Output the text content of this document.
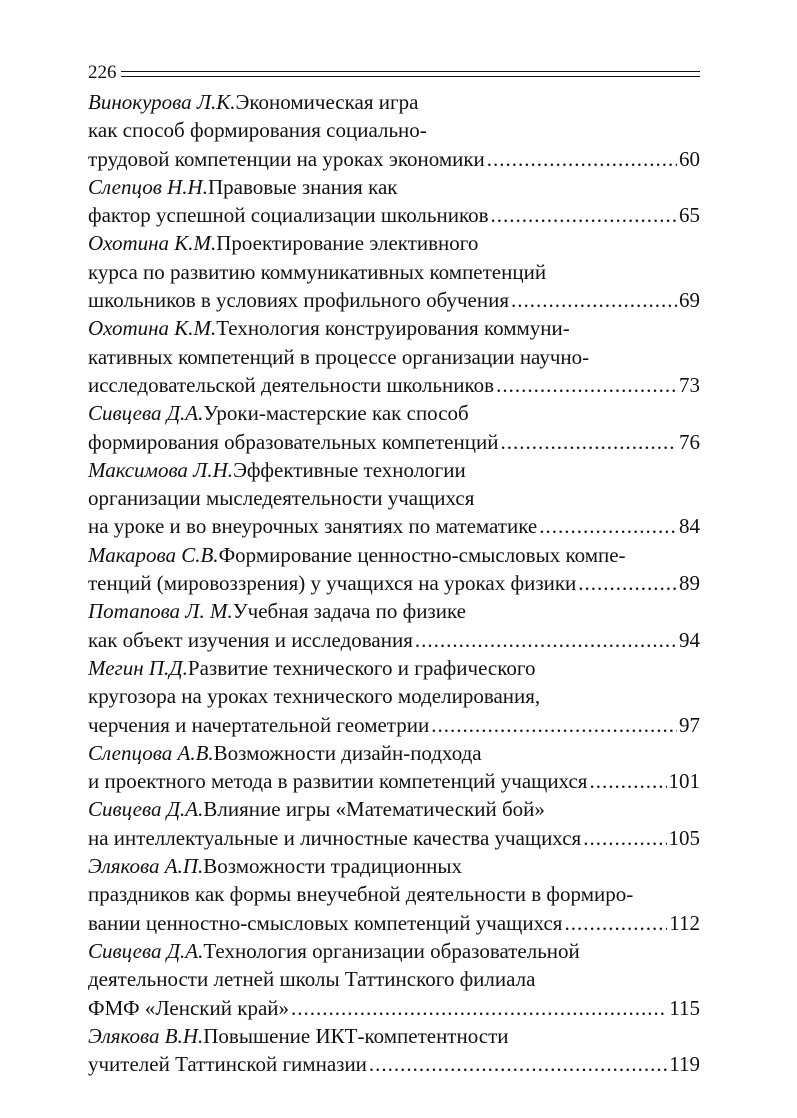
226
Винокурова Л.К. Экономическая игра
как способ формирования социально-
трудовой компетенции на уроках экономики .....	60
Слепцов Н.Н. Правовые знания как
фактор успешной социализации школьников .....	65
Охотина К.М. Проектирование элективного
курса по развитию коммуникативных компетенций
школьников в условиях профильного обучения .....	69
Охотина К.М. Технология конструирования коммуни-
кативных компетенций в процессе организации научно-
исследовательской деятельности школьников .....	73
Сивцева Д.А. Уроки-мастерские как способ
формирования образовательных компетенций .....	76
Максимова Л.Н. Эффективные технологии
организации мыследеятельности учащихся
на уроке и во внеурочных занятиях по математике .....	84
Макарова С.В. Формирование ценностно-смысловых компе-
тенций (мировоззрения) у учащихся на уроках физики .....	89
Потапова Л. М. Учебная задача по физике
как объект изучения и исследования .....	94
Мегин П.Д. Развитие технического и графического
кругозора на уроках технического моделирования,
черчения и начертательной геометрии .....	97
Слепцова А.В. Возможности дизайн-подхода
и проектного метода в развитии компетенций учащихся .....	101
Сивцева Д.А. Влияние игры «Математический бой»
на интеллектуальные и личностные качества учащихся .....	105
Элякова А.П. Возможности традиционных
праздников как формы внеучебной деятельности в формиро-
вании ценностно-смысловых компетенций учащихся .....	112
Сивцева Д.А. Технология организации образовательной
деятельности летней школы Таттинского филиала
ФМФ «Ленский край» .....	115
Элякова В.Н. Повышение ИКТ-компетентности
учителей Таттинской гимназии .....	119
